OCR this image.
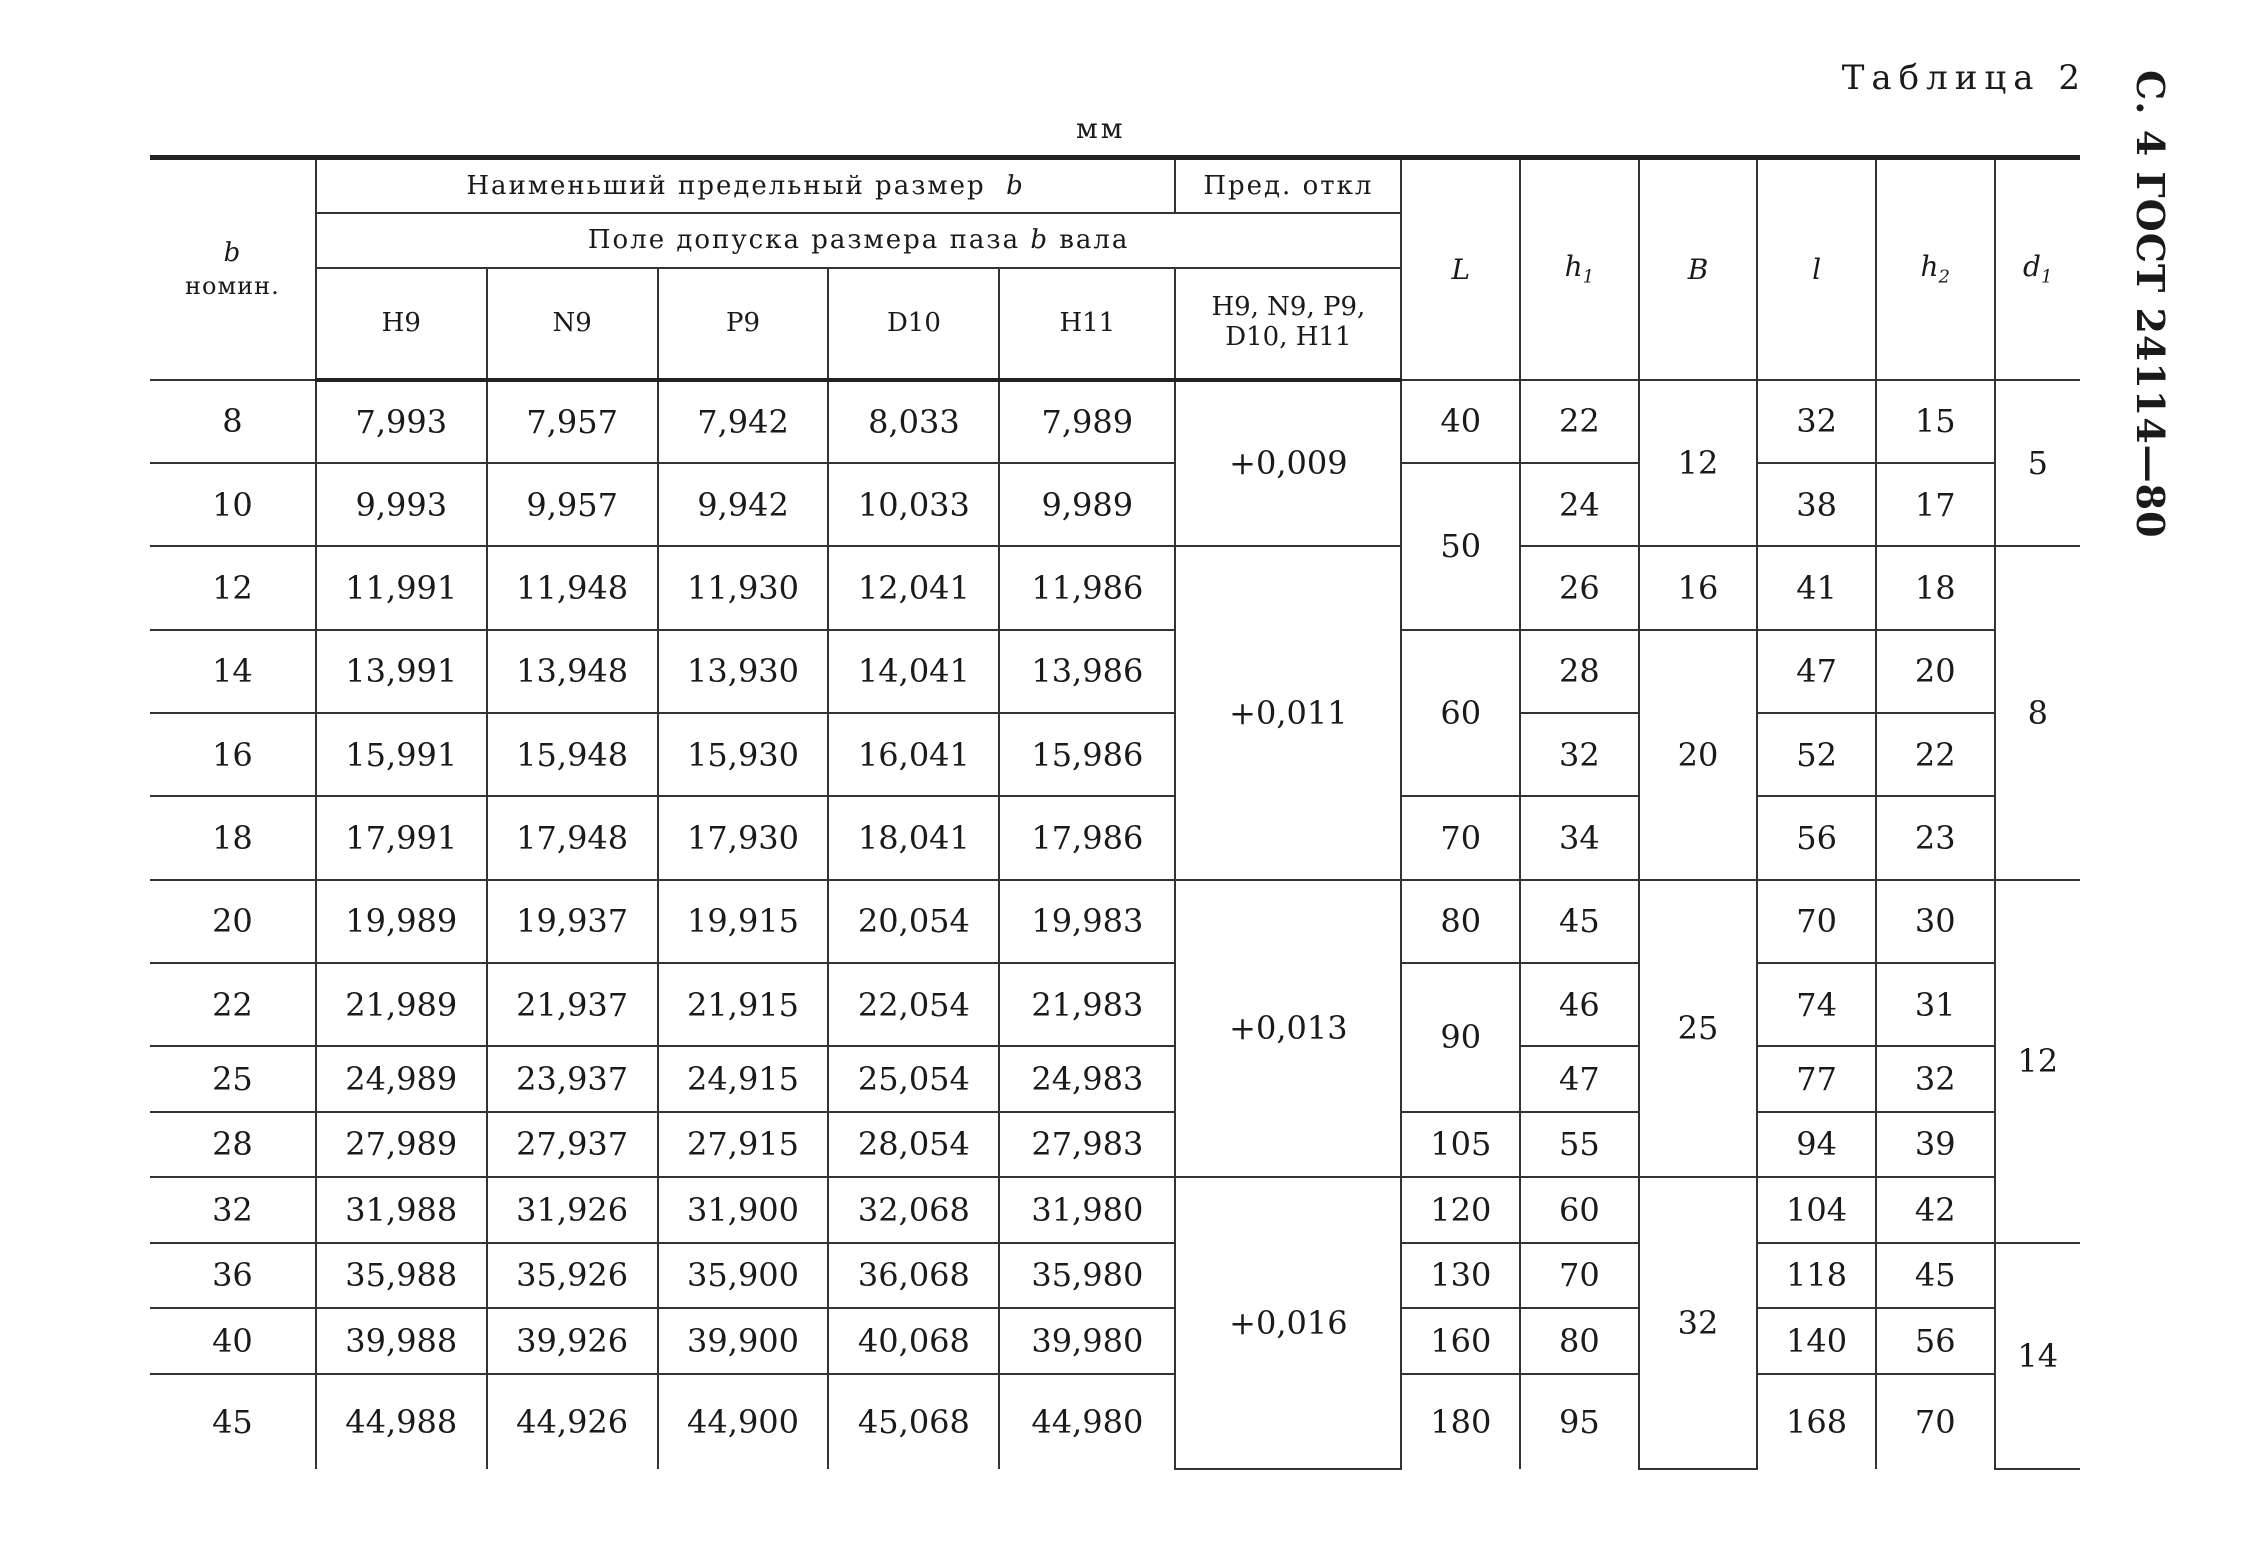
Таблица 2 С. 4 ГОСТ 24114—80
мм
b
номин.	Наименьший предельный размер b					Пред. откл	L	$h_1$	B	l	$h_2$	$d_1$
	Поле допуска размера паза b вала											
	H9	N9	P9	D10	H11	H9, N9, P9, D10, H11						
8	7,993	7,957	7,942	8,033	7,989	+0,009	40	22	12	32	15	5
10	9,993	9,957	9,942	10,033	9,989		50	24		38	17	
12	11,991	11,948	11,930	12,041	11,986	+0,011		26	16	41	18	8
14	13,991	13,948	13,930	14,041	13,986		60	28	20	47	20	
16	15,991	15,948	15,930	16,041	15,986			32		52	22	
18	17,991	17,948	17,930	18,041	17,986		70	34		56	23	
20	19,989	19,937	19,915	20,054	19,983	+0,013	80	45	25	70	30	12
22	21,989	21,937	21,915	22,054	21,983		90	46		74	31	
25	24,989	23,937	24,915	25,054	24,983			47		77	32	
28	27,989	27,937	27,915	28,054	27,983		105	55		94	39	
32	31,988	31,926	31,900	32,068	31,980	+0,016	120	60	32	104	42	
36	35,988	35,926	35,900	36,068	35,980		130	70		118	45	14
40	39,988	39,926	39,900	40,068	39,980		160	80		140	56	
45	44,988	44,926	44,900	45,068	44,980		180	95		168	70	
